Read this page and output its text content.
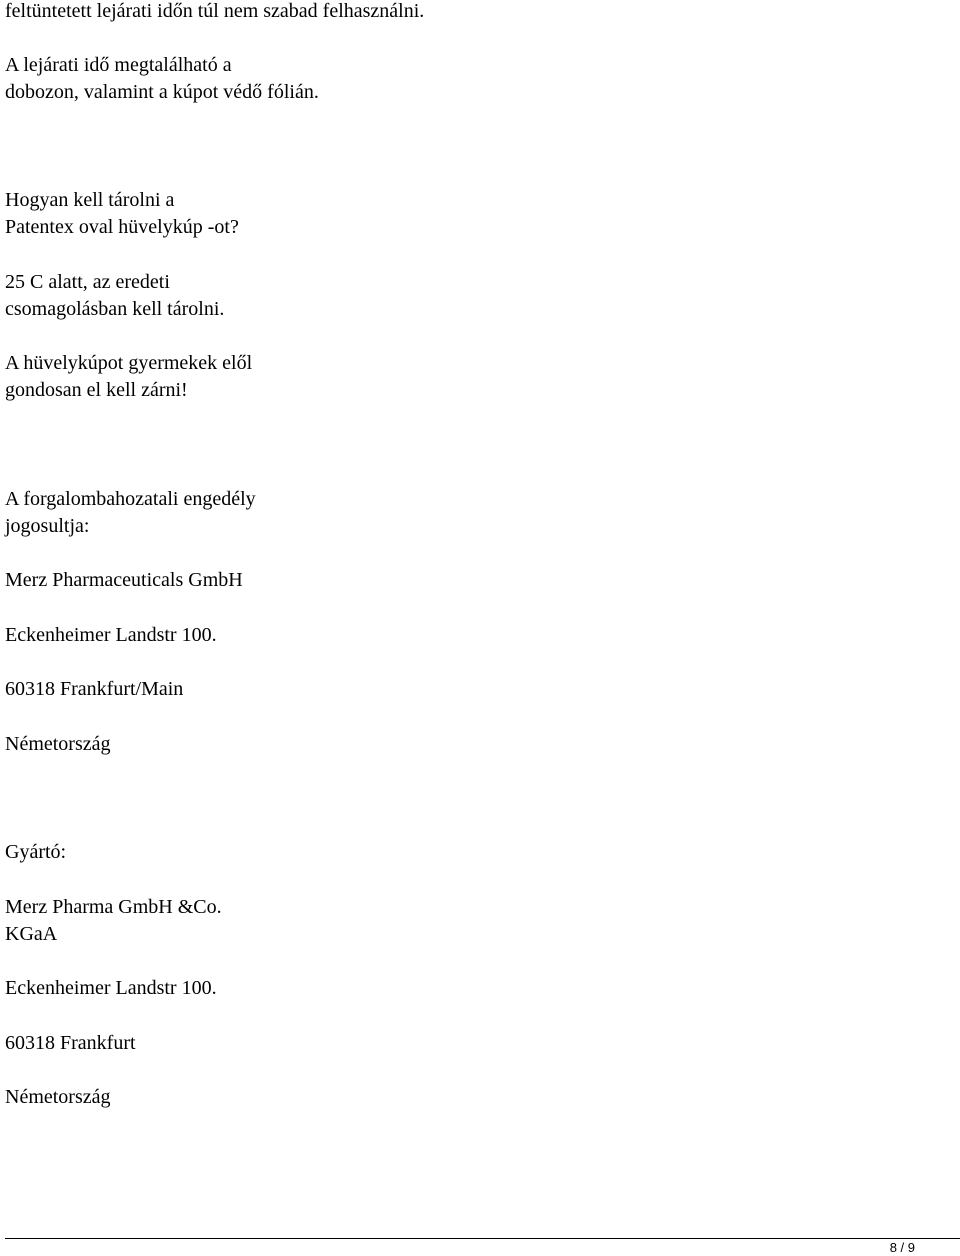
feltüntetett lejárati időn túl nem szabad felhasználni.
A lejárati idő megtalálható a
dobozon, valamint a kúpot védő fólián.
Hogyan kell tárolni a
Patentex oval hüvelykúp -ot?
25 C alatt, az eredeti
csomagolásban kell tárolni.
A hüvelykúpot gyermekek elől
gondosan el kell zárni!
A forgalombahozatali engedély
jogosultja:
Merz Pharmaceuticals GmbH
Eckenheimer Landstr 100.
60318 Frankfurt/Main
Németország
Gyártó:
Merz Pharma GmbH &Co.
KGaA
Eckenheimer Landstr 100.
60318 Frankfurt
Németország
8 / 9
